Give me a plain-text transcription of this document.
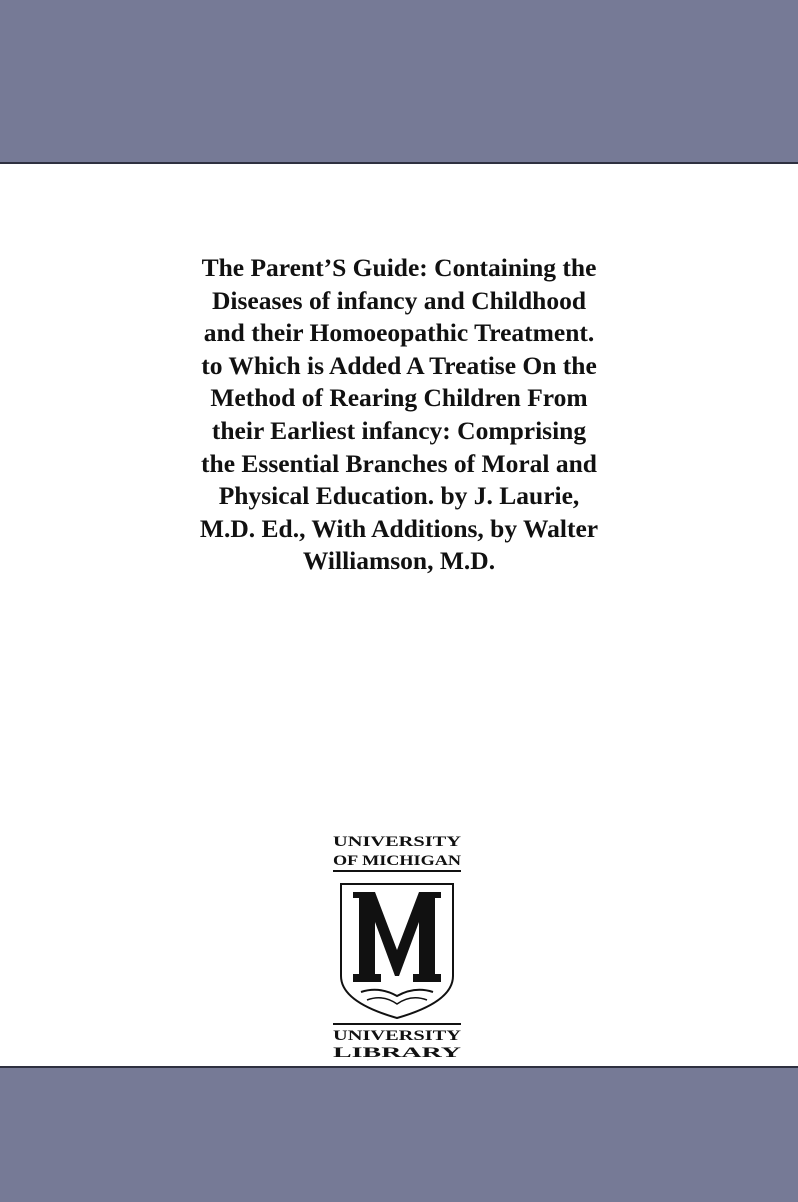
The Parent’S Guide: Containing the
Diseases of infancy and Childhood
and their Homoeopathic Treatment.
to Which is Added A Treatise On the
Method of Rearing Children From
their Earliest infancy: Comprising
the Essential Branches of Moral and
Physical Education. by J. Laurie,
M.D. Ed., With Additions, by Walter
Williamson, M.D.
UNIVERSITY
OF MICHIGAN
UNIVERSITY
LIBRARY
